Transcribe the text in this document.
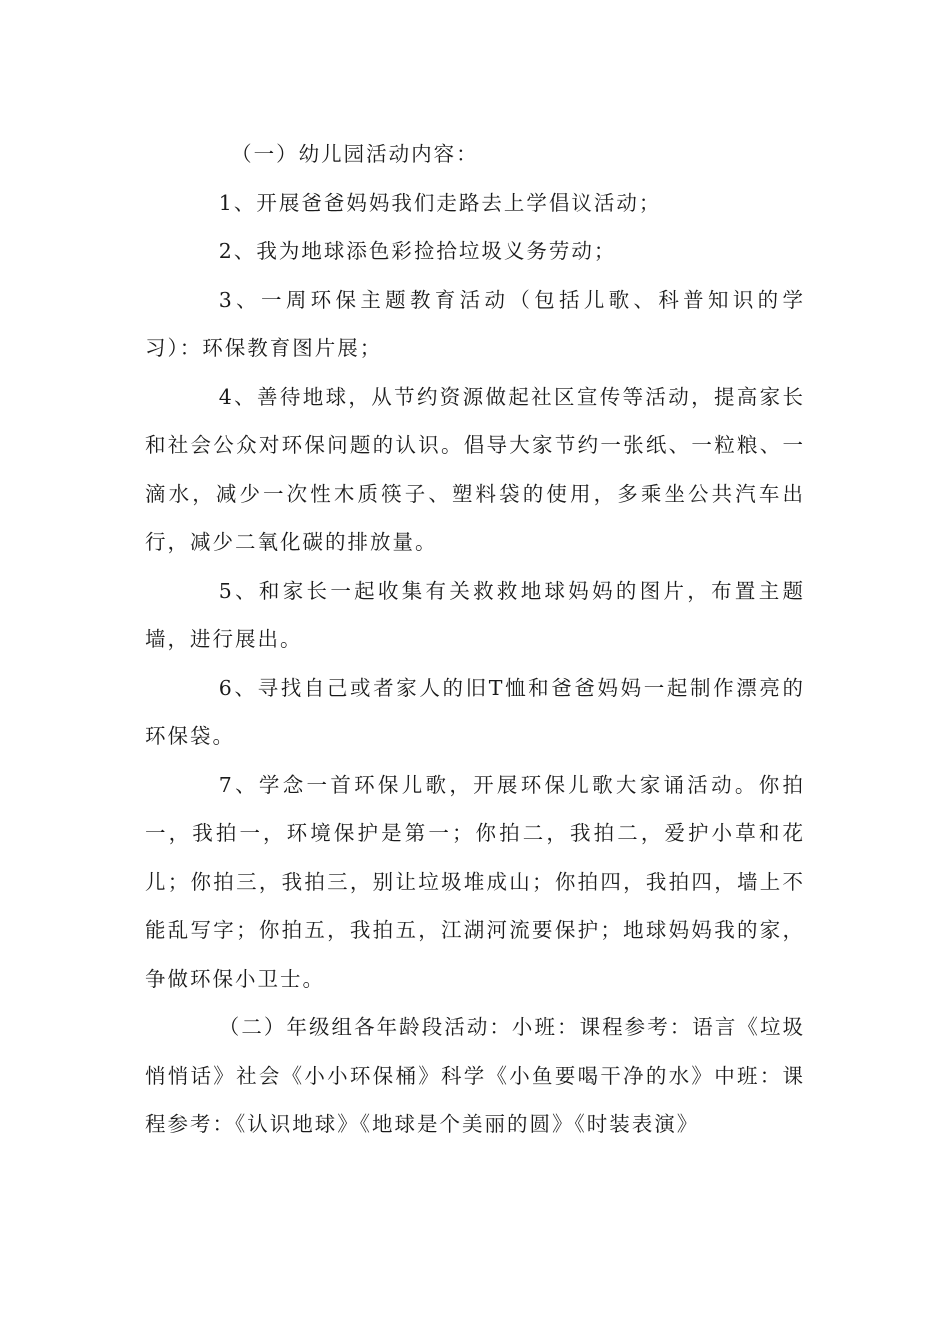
（一）幼儿园活动内容：

1、开展爸爸妈妈我们走路去上学倡议活动；

2、我为地球添色彩捡拾垃圾义务劳动；

3、一周环保主题教育活动（包括儿歌、科普知识的学习）：环保教育图片展；

4、善待地球，从节约资源做起社区宣传等活动，提高家长和社会公众对环保问题的认识。倡导大家节约一张纸、一粒粮、一滴水，减少一次性木质筷子、塑料袋的使用，多乘坐公共汽车出行，减少二氧化碳的排放量。

5、和家长一起收集有关救救地球妈妈的图片，布置主题墙，进行展出。

6、寻找自己或者家人的旧T恤和爸爸妈妈一起制作漂亮的环保袋。

7、学念一首环保儿歌，开展环保儿歌大家诵活动。你拍一，我拍一，环境保护是第一；你拍二，我拍二，爱护小草和花儿；你拍三，我拍三，别让垃圾堆成山；你拍四，我拍四，墙上不能乱写字；你拍五，我拍五，江湖河流要保护；地球妈妈我的家，争做环保小卫士。

（二）年级组各年龄段活动：小班：课程参考：语言《垃圾悄悄话》社会《小小环保桶》科学《小鱼要喝干净的水》中班：课程参考：《认识地球》《地球是个美丽的圆》《时装表演》
